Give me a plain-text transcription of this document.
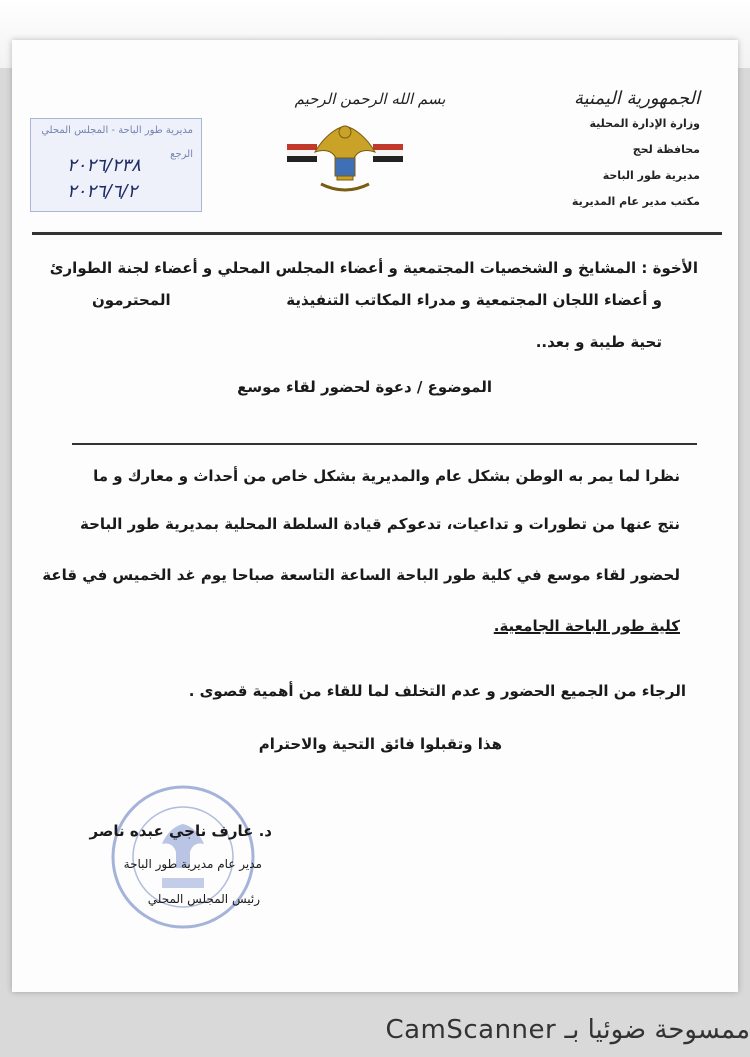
الجمهورية اليمنية
وزارة الإدارة المحلية
محافظة لحج
مديرية طور الباحة
مكتب مدير عام المديرية
بسم الله الرحمن الرحيم
مديرية طور الباحة - المجلس المحلي
الرجع
٢٠٢٦/٢٣٨
٢٠٢٦/٦/٢
الأخوة : المشايخ و الشخصيات المجتمعية و أعضاء المجلس المحلي و أعضاء لجنة الطوارئ
و أعضاء اللجان المجتمعية و مدراء المكاتب التنفيذية
المحترمون
تحية طيبة و بعد..
الموضوع / دعوة لحضور لقاء موسع
نظرا لما يمر به الوطن بشكل عام والمديرية بشكل خاص من أحداث و معارك و ما
نتج عنها من تطورات و تداعيات، تدعوكم قيادة السلطة المحلية بمديرية طور الباحة
لحضور لقاء موسع في كلية طور الباحة الساعة التاسعة صباحا يوم غد الخميس في قاعة
كلية طور الباحة الجامعية.
الرجاء من الجميع الحضور و عدم التخلف لما للقاء من أهمية قصوى .
هذا وتقبلوا فائق التحية والاحترام
د. عارف ناجي عبده ناصر
مدير عام مديرية طور الباحة
رئيس المجلس المحلي
ممسوحة ضوئيا بـ CamScanner
